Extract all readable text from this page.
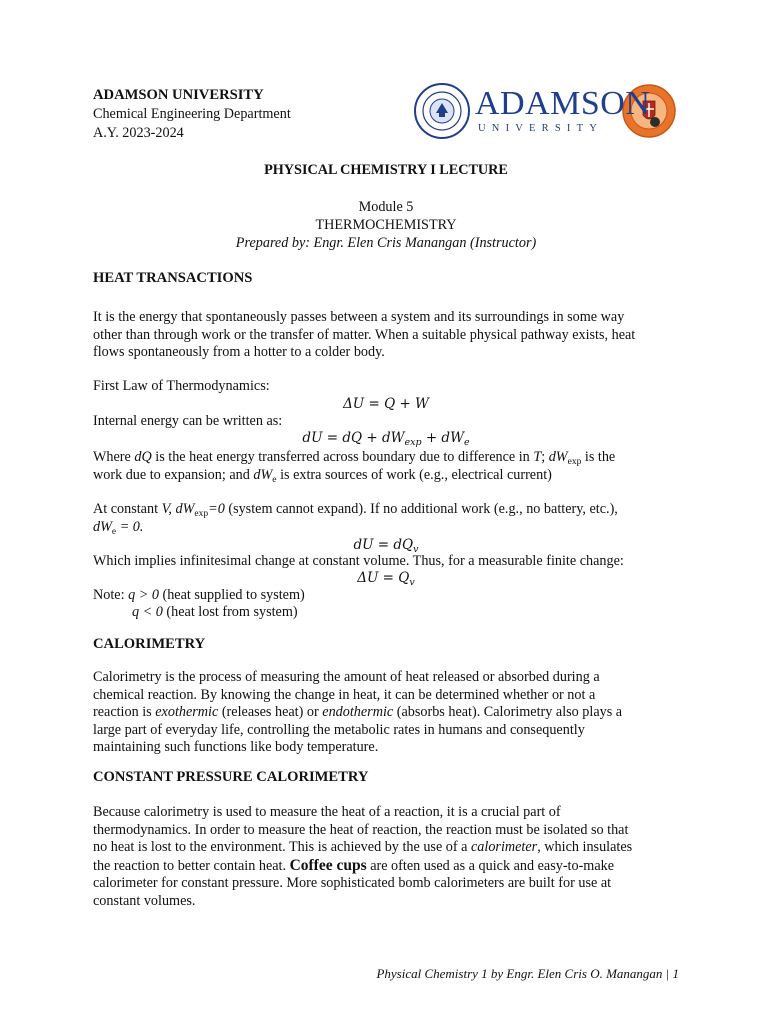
ADAMSON UNIVERSITY
Chemical Engineering Department
A.Y. 2023-2024
ADAMSON
UNIVERSITY
PHYSICAL CHEMISTRY I LECTURE
Module 5
THERMOCHEMISTRY
Prepared by: Engr. Elen Cris Manangan (Instructor)
HEAT TRANSACTIONS
It is the energy that spontaneously passes between a system and its surroundings in some way
other than through work or the transfer of matter. When a suitable physical pathway exists, heat
flows spontaneously from a hotter to a colder body.
First Law of Thermodynamics:
ΔU = Q + W
Internal energy can be written as:
dU = dQ + $dW_{exp} + dW_e$
Where dQ is the heat energy transferred across boundary due to difference in T; $dW_{exp}$ is the
work due to expansion; and $dW_e$ is extra sources of work (e.g., electrical current)
At constant V, $dW_{exp}=0$ (system cannot expand). If no additional work (e.g., no battery, etc.),
$dW_e = 0$.
dU = $dQ_v$
Which implies infinitesimal change at constant volume. Thus, for a measurable finite change:
$\Delta U = Q_v$
Note: q > 0 (heat supplied to system)
q < 0 (heat lost from system)
CALORIMETRY
Calorimetry is the process of measuring the amount of heat released or absorbed during a
chemical reaction. By knowing the change in heat, it can be determined whether or not a
reaction is exothermic (releases heat) or endothermic (absorbs heat). Calorimetry also plays a
large part of everyday life, controlling the metabolic rates in humans and consequently
maintaining such functions like body temperature.
CONSTANT PRESSURE CALORIMETRY
Because calorimetry is used to measure the heat of a reaction, it is a crucial part of
thermodynamics. In order to measure the heat of reaction, the reaction must be isolated so that
no heat is lost to the environment. This is achieved by the use of a calorimeter, which insulates
the reaction to better contain heat. Coffee cups are often used as a quick and easy-to-make
calorimeter for constant pressure. More sophisticated bomb calorimeters are built for use at
constant volumes.
Physical Chemistry 1 by Engr. Elen Cris O. Manangan | 1
